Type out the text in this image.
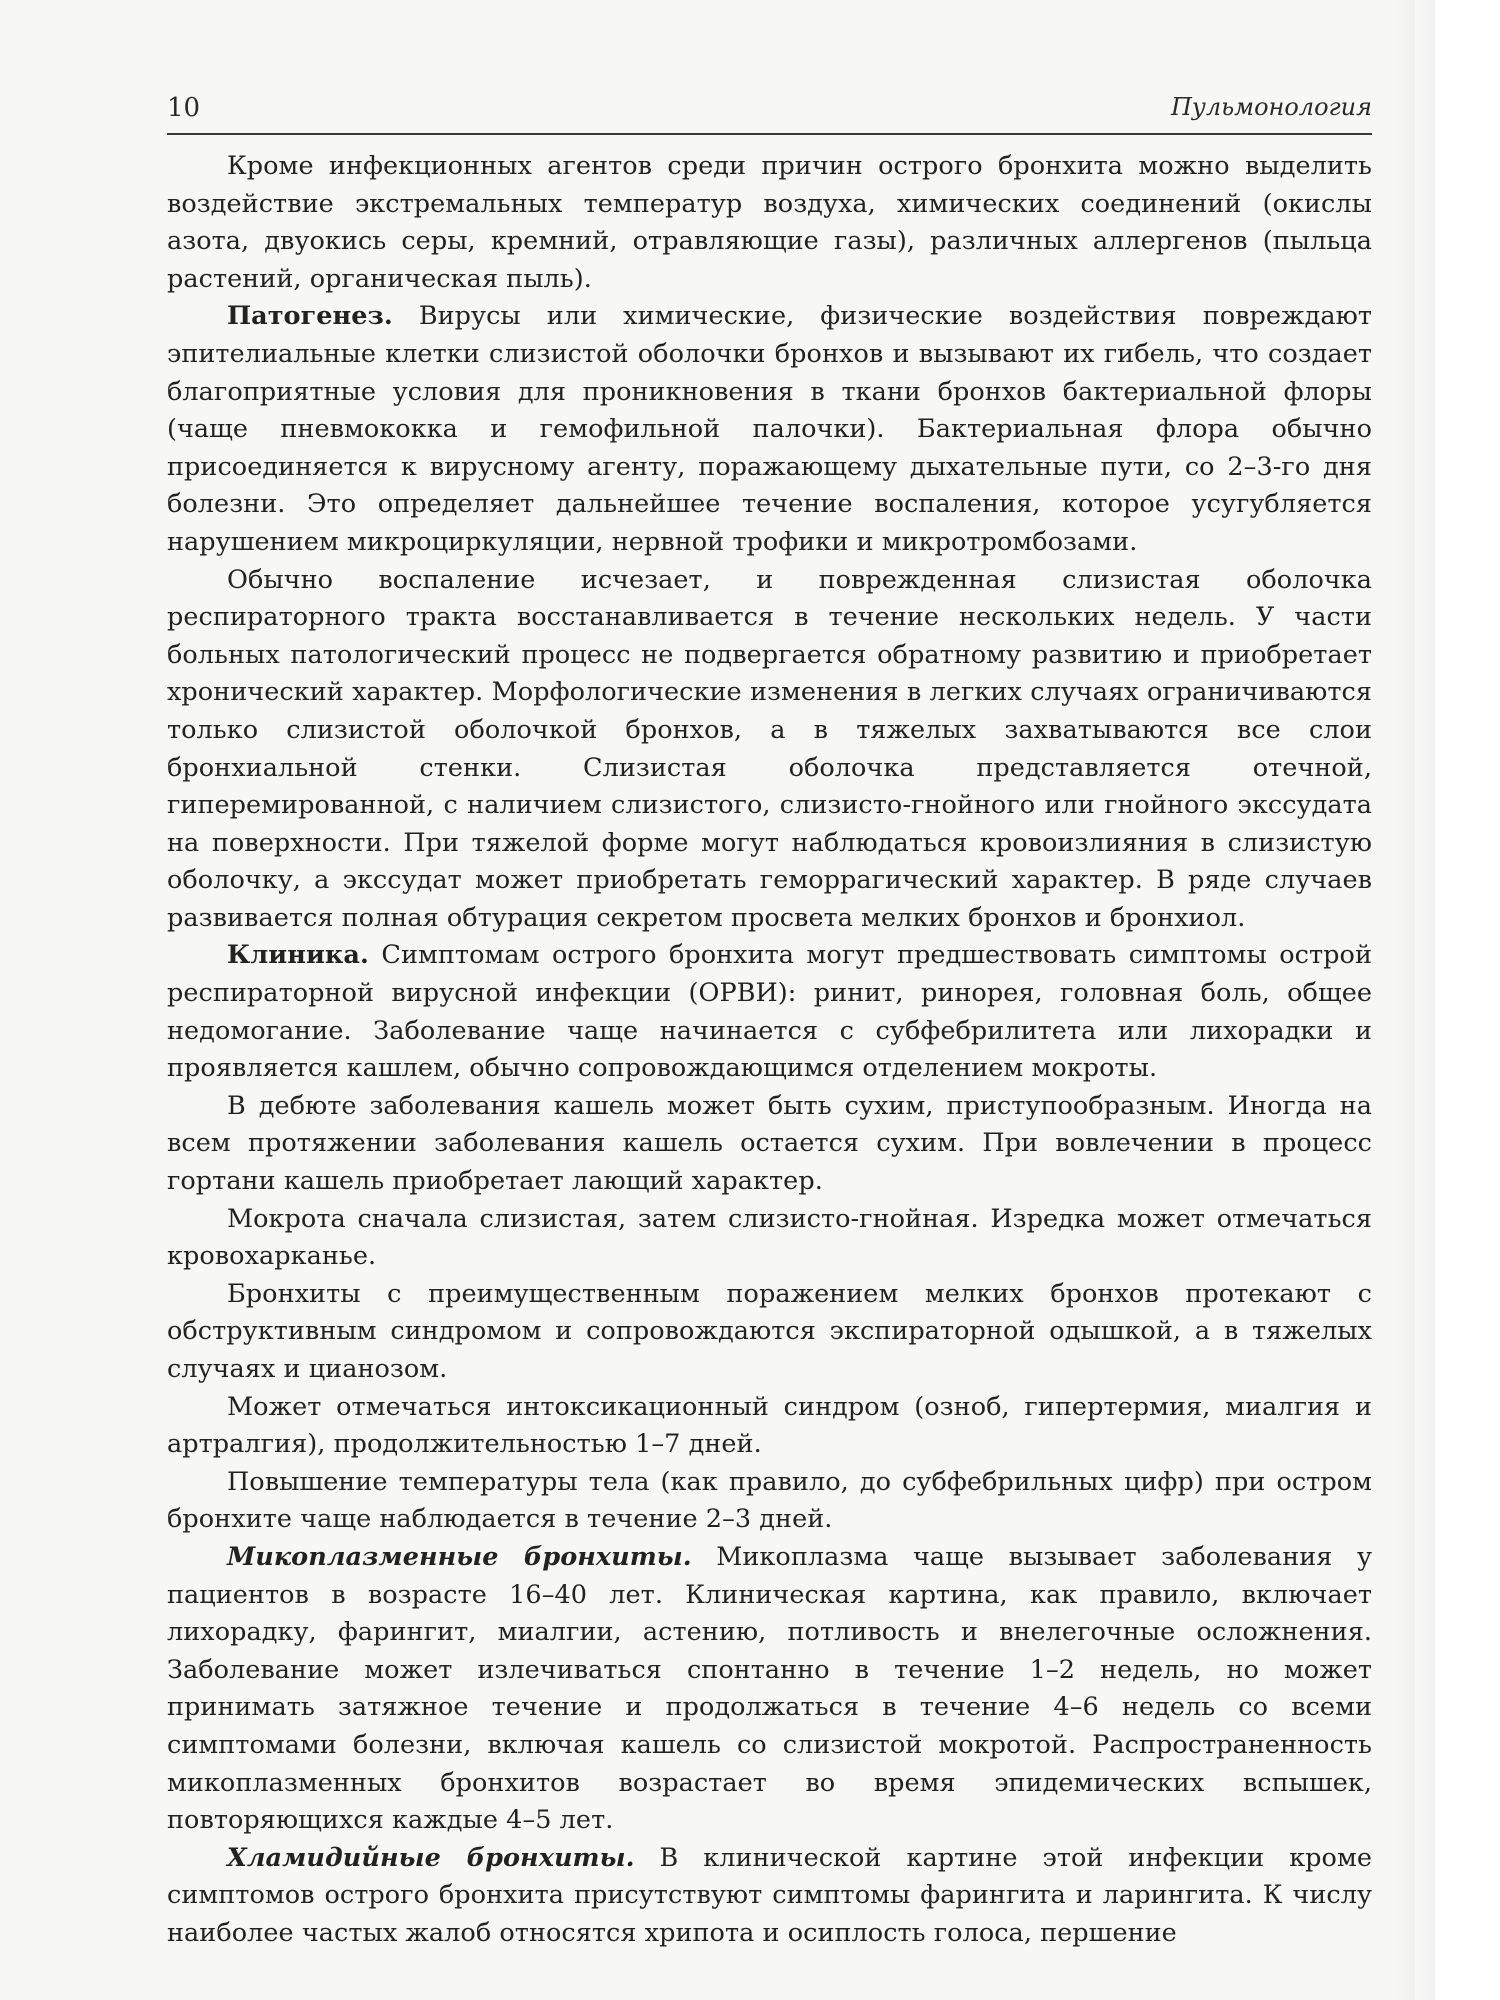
10	Пульмонология

Кроме инфекционных агентов среди причин острого бронхита можно выделить воздействие экстремальных температур воздуха, химических соединений (окислы азота, двуокись серы, кремний, отравляющие газы), различных аллергенов (пыльца растений, органическая пыль).

Патогенез. Вирусы или химические, физические воздействия повреждают эпителиальные клетки слизистой оболочки бронхов и вызывают их гибель, что создает благоприятные условия для проникновения в ткани бронхов бактериальной флоры (чаще пневмококка и гемофильной палочки). Бактериальная флора обычно присоединяется к вирусному агенту, поражающему дыхательные пути, со 2–3-го дня болезни. Это определяет дальнейшее течение воспаления, которое усугубляется нарушением микроциркуляции, нервной трофики и микротромбозами.

Обычно воспаление исчезает, и поврежденная слизистая оболочка респираторного тракта восстанавливается в течение нескольких недель. У части больных патологический процесс не подвергается обратному развитию и приобретает хронический характер. Морфологические изменения в легких случаях ограничиваются только слизистой оболочкой бронхов, а в тяжелых захватываются все слои бронхиальной стенки. Слизистая оболочка представляется отечной, гиперемированной, с наличием слизистого, слизисто-гнойного или гнойного экссудата на поверхности. При тяжелой форме могут наблюдаться кровоизлияния в слизистую оболочку, а экссудат может приобретать геморрагический характер. В ряде случаев развивается полная обтурация секретом просвета мелких бронхов и бронхиол.

Клиника. Симптомам острого бронхита могут предшествовать симптомы острой респираторной вирусной инфекции (ОРВИ): ринит, ринорея, головная боль, общее недомогание. Заболевание чаще начинается с субфебрилитета или лихорадки и проявляется кашлем, обычно сопровождающимся отделением мокроты.

В дебюте заболевания кашель может быть сухим, приступообразным. Иногда на всем протяжении заболевания кашель остается сухим. При вовлечении в процесс гортани кашель приобретает лающий характер.

Мокрота сначала слизистая, затем слизисто-гнойная. Изредка может отмечаться кровохарканье.

Бронхиты с преимущественным поражением мелких бронхов протекают с обструктивным синдромом и сопровождаются экспираторной одышкой, а в тяжелых случаях и цианозом.

Может отмечаться интоксикационный синдром (озноб, гипертермия, миалгия и артралгия), продолжительностью 1–7 дней.

Повышение температуры тела (как правило, до субфебрильных цифр) при остром бронхите чаще наблюдается в течение 2–3 дней.

Микоплазменные бронхиты. Микоплазма чаще вызывает заболевания у пациентов в возрасте 16–40 лет. Клиническая картина, как правило, включает лихорадку, фарингит, миалгии, астению, потливость и внелегочные осложнения. Заболевание может излечиваться спонтанно в течение 1–2 недель, но может принимать затяжное течение и продолжаться в течение 4–6 недель со всеми симптомами болезни, включая кашель со слизистой мокротой. Распространенность микоплазменных бронхитов возрастает во время эпидемических вспышек, повторяющихся каждые 4–5 лет.

Хламидийные бронхиты. В клинической картине этой инфекции кроме симптомов острого бронхита присутствуют симптомы фарингита и ларингита. К числу наиболее частых жалоб относятся хрипота и осиплость голоса, першение
